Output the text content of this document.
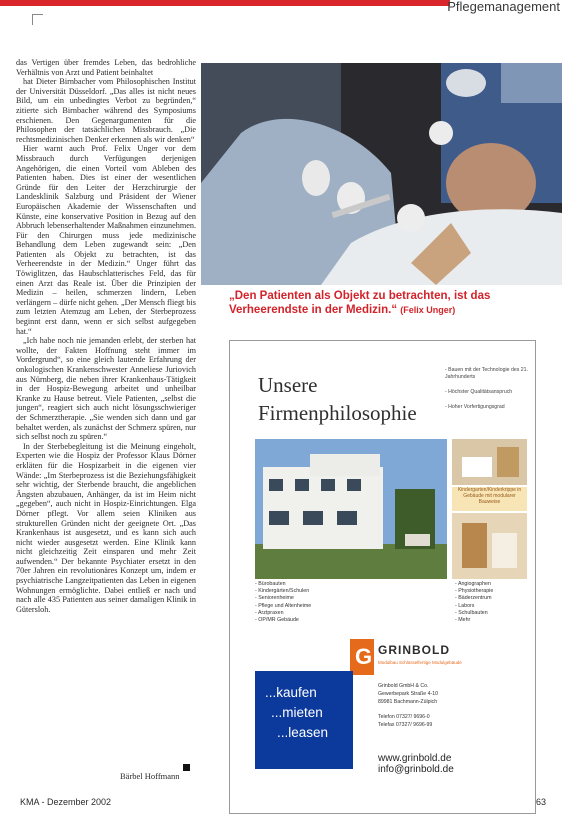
Pflegemanagement

das Vertigen über fremdes Leben, das bedrohliche Verhältnis von Arzt und Patient beinhaltet

hat Dieter Birnbacher vom Philosophischen Institut der Universität Düsseldorf. „Das alles ist nicht neues Bild, um ein unbedingtes Verbot zu begründen,“ zitierte sich Birnbacher während des Symposiums erschienen. Den Gegenargumenten für die Philosophen der tatsächlichen Missbrauch. „Die rechtsmedizinischen Denker erkennen als wir denken“

Hier warnt auch Prof. Felix Unger vor dem Missbrauch durch Verfügungen derjenigen Angehörigen, die einen Vorteil vom Ableben des Patienten haben. Dies ist einer der wesentlichen Gründe für den Leiter der Herzchirurgie der Landesklinik Salzburg und Präsident der Wiener Europäischen Akademie der Wissenschaften und Künste, eine konservative Position in Bezug auf den Abbruch lebenserhaltender Maßnahmen einzunehmen. Für den Chirurgen muss jede medizinische Behandlung dem Leben zugewandt sein: „Den Patienten als Objekt zu betrachten, ist das Verheerendste in der Medizin.“ Unger führt das Töwiglitzen, das Haubschlatterisches Feld, das für einen Arzt das Reale ist. Über die Prinzipien der Medizin – heilen, schmerzen lindern, Leben verlängern – dürfe nicht gehen. „Der Mensch fliegt bis zum letzten Atemzug am Leben, der Sterbeprozess beginnt erst dann, wenn er sich selbst aufgegeben hat.“

„Ich habe noch nie jemanden erlebt, der sterben hat wollte, der Fakten Hoffnung steht immer im Vordergrund“, so eine gleich lautende Erfahrung der onkologischen Krankenschwester Anneliese Juriovich aus Nürnberg, die neben ihrer Krankenhaus-Tätigkeit in der Hospiz-Bewegung arbeitet und unheilbar Kranke zu Hause betreut. Viele Patienten, „selbst die jungen“, reagiert sich auch nicht lösungsschwieriger der Schmerztherapie. „Sie wenden sich dann und gar behaltet werden, als zunächst der Schmerz spüren, nur sich selbst noch zu spüren.“

In der Sterbebegleitung ist die Meinung eingeholt, Experten wie die Hospiz der Professor Klaus Dörner erkläten für die Hospizarbeit in die eigenen vier Wände: „Im Sterbeprozess ist die Beziehungsfähigkeit sehr wichtig, der Sterbende braucht, die angeblichen Ängsten abzubauen, Anhänger, da ist im Heim nicht „gegeben“, auch nicht in Hospiz-Einrichtungen. Elga Dörner pflegt. Vor allem seien Kliniken aus strukturellen Gründen nicht der geeignete Ort. „Das Krankenhaus ist ausgesetzt, und es kann sich auch nicht wieder ausgesetzt werden. Eine Klinik kann nicht gleichzeitig Zeit einsparen und mehr Zeit aufwenden.“ Der bekannte Psychiater ersetzt in den 70er Jahren ein revolutionäres Konzept um, indem er psychiatrische Langzeitpatienten das Leben in eigenen Wohnungen ermöglichte. Dabei entließ er nach und nach alle 435 Patienten aus seiner damaligen Klinik in Gütersloh.

Bärbel Hoffmann
„Den Patienten als Objekt zu betrachten, ist das Verheerendste in der Medizin.“ (Felix Unger)
Unsere
Firmenphilosophie
- Bauen mit der Technologie des 21. Jahrhunderts
- Höchster Qualitätsanspruch
- Hoher Vorfertigungsgrad
Kindergarten/Kinderkrippe in Gebäude mit modularer Bauweise
- Bürobauten
- Kindergärten/Schulen
- Seniorenheime
- Pflege und Altenheime
- Arztpraxen
- OP/MR Gebäude
- Angiographen
- Physiotherapie
- Bäderzentrum
- Labors
- Schulbauten
- Mehr
G GRINBOLD
Modulbau Schlüsselfertige Modulgebäude
...kaufen
...mieten
...leasen
Grinbold GmbH & Co.
Gewerbepark Straße 4-10
89981 Bachmann-Zülpich

Telefon 07327/ 9696-0
Telefax 07327/ 9696-99
www.grinbold.de
info@grinbold.de
KMA - Dezember 2002	63
